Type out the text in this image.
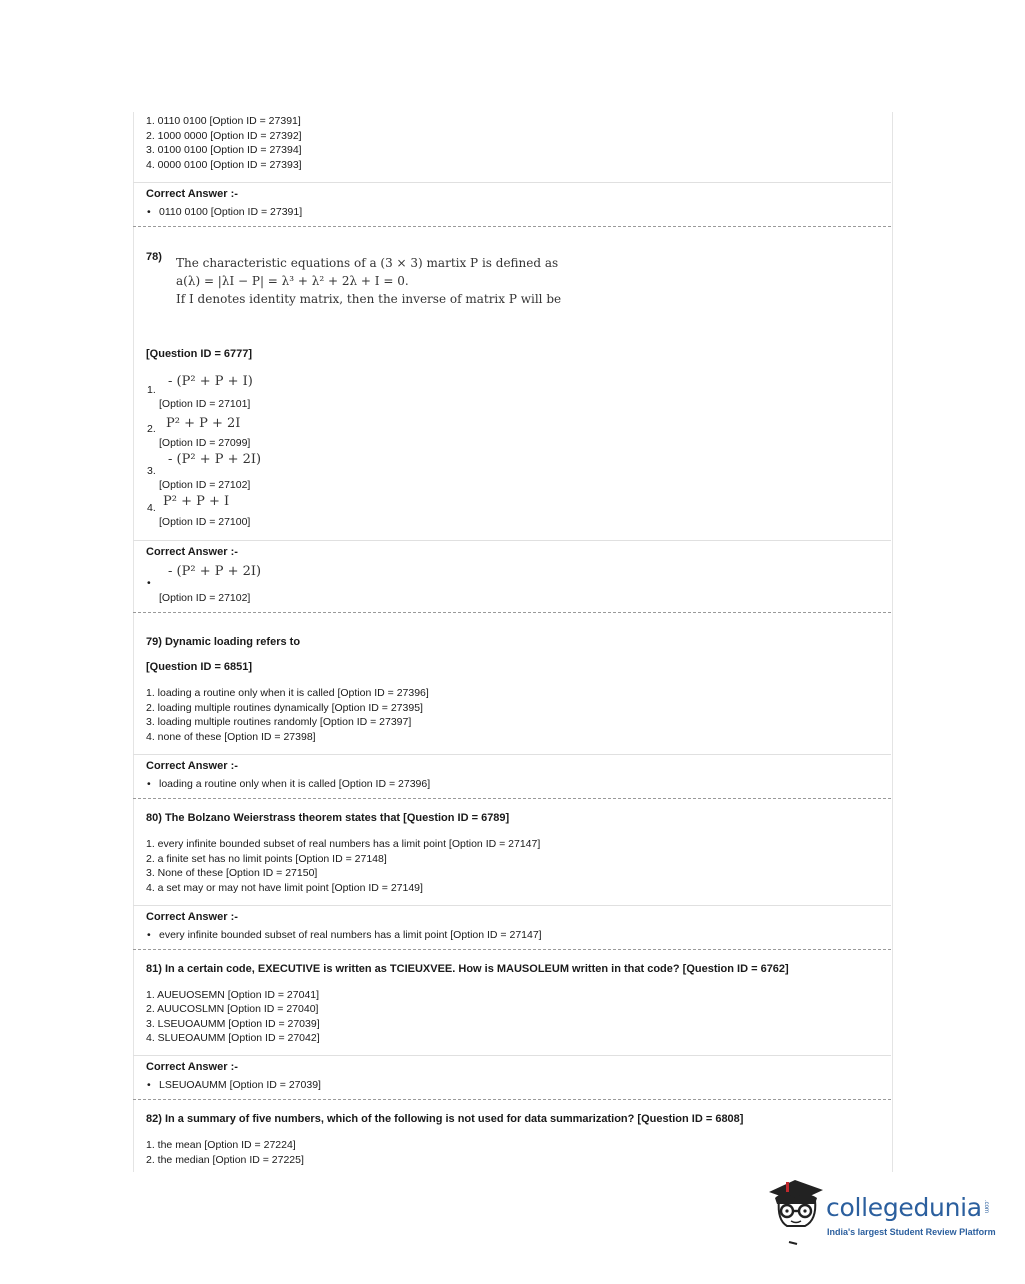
1. 0110 0100 [Option ID = 27391]
2. 1000 0000 [Option ID = 27392]
3. 0100 0100 [Option ID = 27394]
4. 0000 0100 [Option ID = 27393]
Correct Answer :-
• 0110 0100 [Option ID = 27391]
78) The characteristic equations of a (3 × 3) martix P is defined as
a(λ) = |λI − P| = λ³ + λ² + 2λ + I = 0.
If I denotes identity matrix, then the inverse of matrix P will be
[Question ID = 6777]
1.
- (P² + P + I)
[Option ID = 27101]
2. P² + P + 2I
[Option ID = 27099]
3.
- (P² + P + 2I)
[Option ID = 27102]
4. P² + P + I
[Option ID = 27100]
Correct Answer :-
•
- (P² + P + 2I)
[Option ID = 27102]
79) Dynamic loading refers to
[Question ID = 6851]
1. loading a routine only when it is called [Option ID = 27396]
2. loading multiple routines dynamically [Option ID = 27395]
3. loading multiple routines randomly [Option ID = 27397]
4. none of these [Option ID = 27398]
Correct Answer :-
• loading a routine only when it is called [Option ID = 27396]
80) The Bolzano Weierstrass theorem states that [Question ID = 6789]
1. every infinite bounded subset of real numbers has a limit point [Option ID = 27147]
2. a finite set has no limit points [Option ID = 27148]
3. None of these [Option ID = 27150]
4. a set may or may not have limit point [Option ID = 27149]
Correct Answer :-
• every infinite bounded subset of real numbers has a limit point [Option ID = 27147]
81) In a certain code, EXECUTIVE is written as TCIEUXVEE. How is MAUSOLEUM written in that code? [Question ID = 6762]
1. AUEUOSEMN [Option ID = 27041]
2. AUUCOSLMN [Option ID = 27040]
3. LSEUOAUMM [Option ID = 27039]
4. SLUEOAUMM [Option ID = 27042]
Correct Answer :-
• LSEUOAUMM [Option ID = 27039]
82) In a summary of five numbers, which of the following is not used for data summarization? [Question ID = 6808]
1. the mean [Option ID = 27224]
2. the median [Option ID = 27225]
collegedunia .com
India's largest Student Review Platform
